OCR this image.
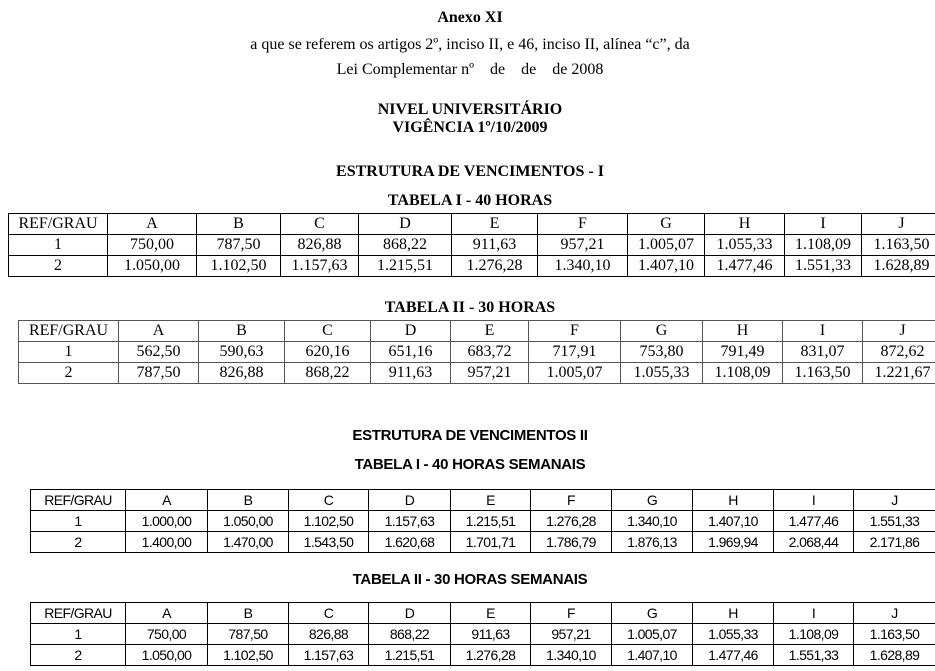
Anexo XI
a que se referem os artigos 2º, inciso II, e 46, inciso II, alínea “c”, da
Lei Complementar nº    de    de    de 2008
NIVEL UNIVERSITÁRIO
VIGÊNCIA 1º/10/2009
ESTRUTURA DE VENCIMENTOS - I
TABELA I - 40 HORAS
REF/GRAU	A	B	C	D	E	F	G	H	I	J
1	750,00	787,50	826,88	868,22	911,63	957,21	1.005,07	1.055,33	1.108,09	1.163,50
2	1.050,00	1.102,50	1.157,63	1.215,51	1.276,28	1.340,10	1.407,10	1.477,46	1.551,33	1.628,89
TABELA II - 30 HORAS
REF/GRAU	A	B	C	D	E	F	G	H	I	J
1	562,50	590,63	620,16	651,16	683,72	717,91	753,80	791,49	831,07	872,62
2	787,50	826,88	868,22	911,63	957,21	1.005,07	1.055,33	1.108,09	1.163,50	1.221,67
ESTRUTURA DE VENCIMENTOS II
TABELA I - 40 HORAS SEMANAIS
REF/GRAU	A	B	C	D	E	F	G	H	I	J
1	1.000,00	1.050,00	1.102,50	1.157,63	1.215,51	1.276,28	1.340,10	1.407,10	1.477,46	1.551,33
2	1.400,00	1.470,00	1.543,50	1.620,68	1.701,71	1.786,79	1.876,13	1.969,94	2.068,44	2.171,86
TABELA II - 30 HORAS SEMANAIS
REF/GRAU	A	B	C	D	E	F	G	H	I	J
1	750,00	787,50	826,88	868,22	911,63	957,21	1.005,07	1.055,33	1.108,09	1.163,50
2	1.050,00	1.102,50	1.157,63	1.215,51	1.276,28	1.340,10	1.407,10	1.477,46	1.551,33	1.628,89
